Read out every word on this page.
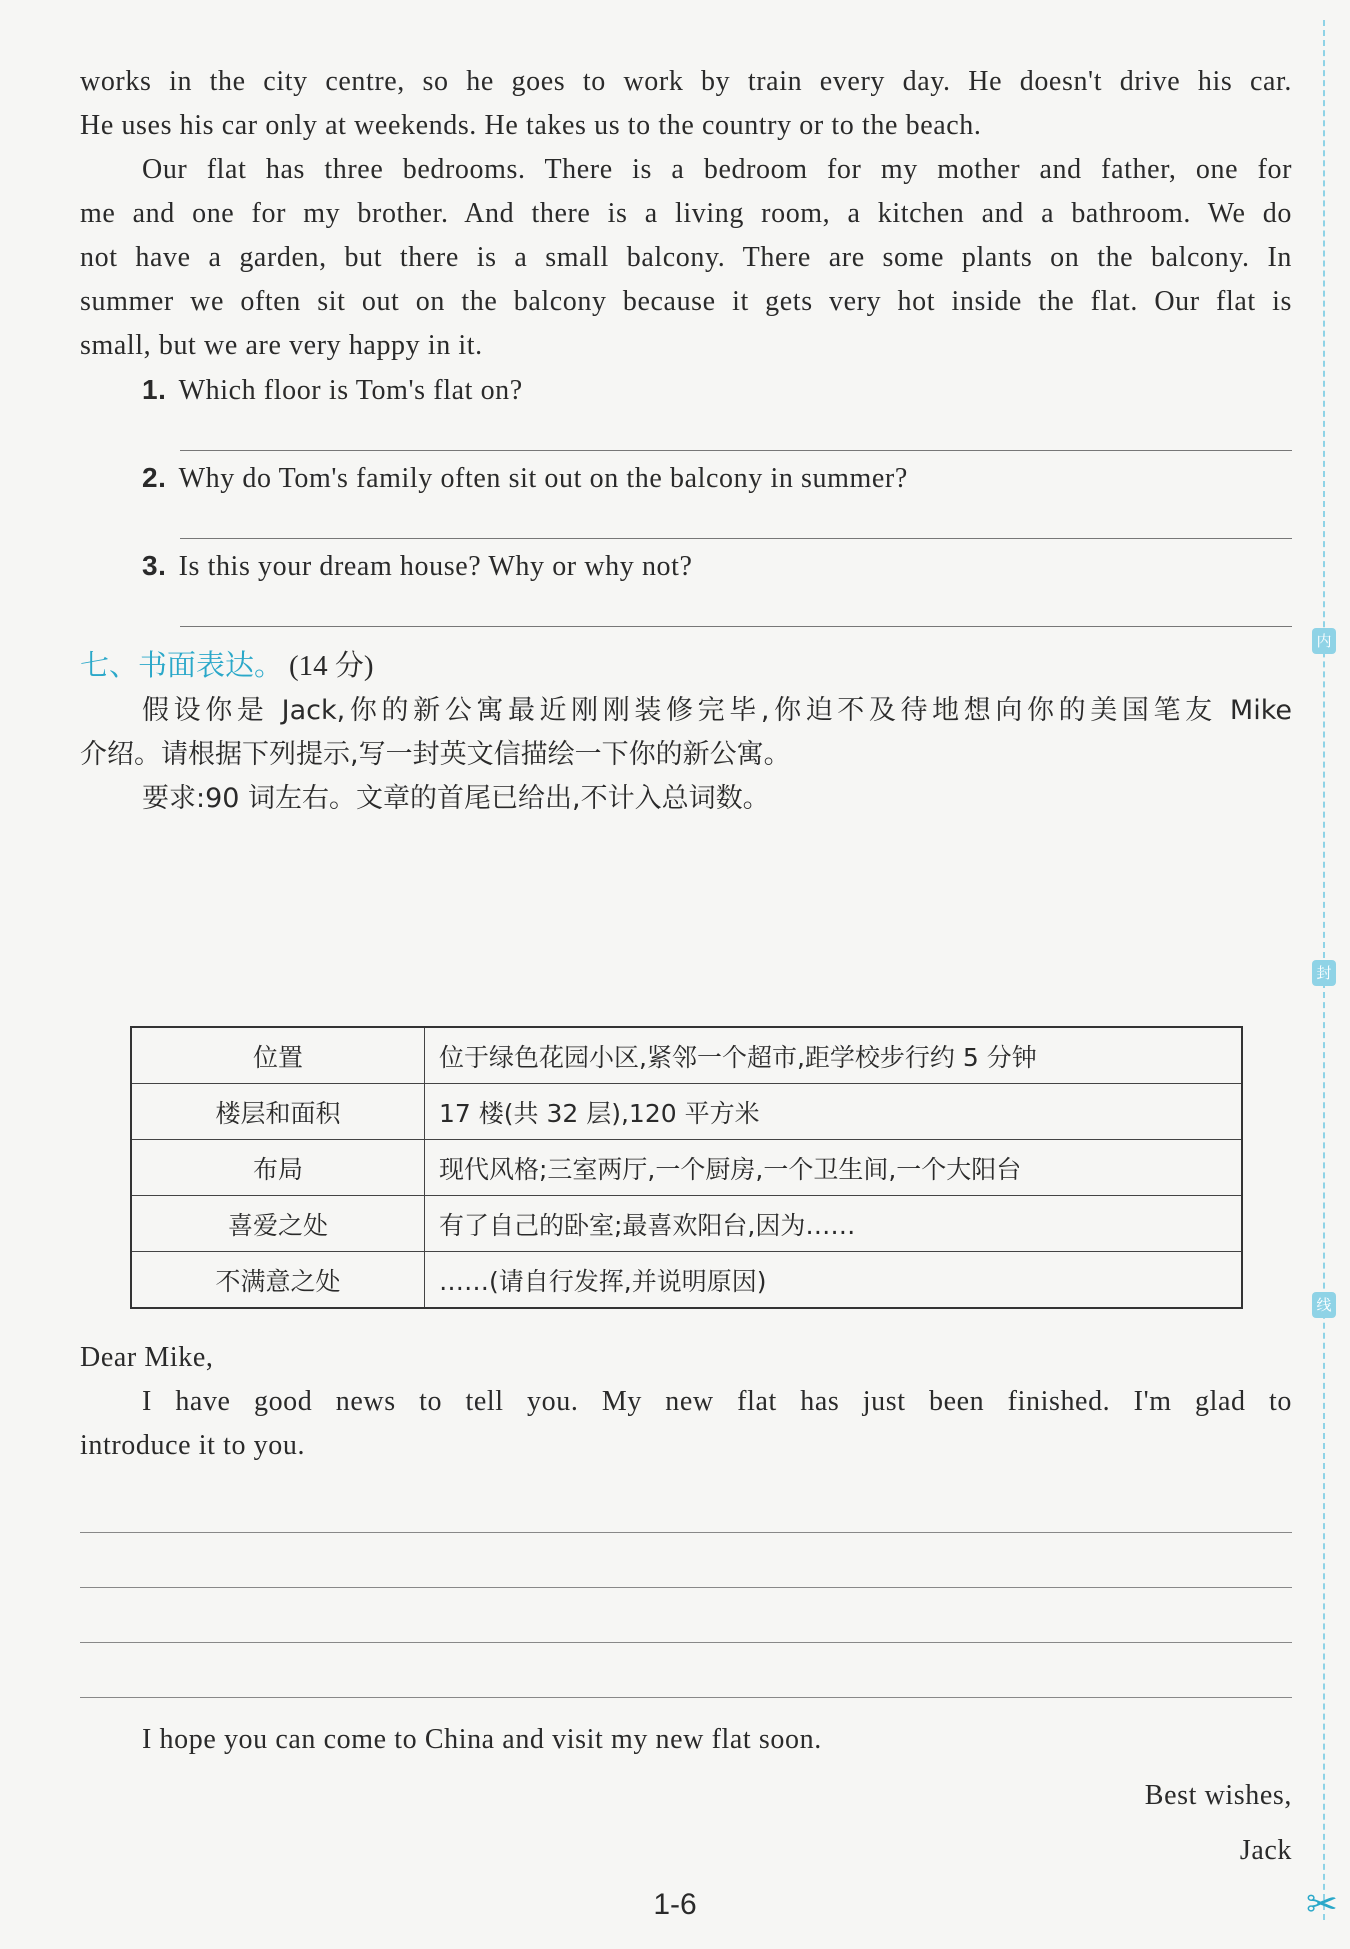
works in the city centre, so he goes to work by train every day. He doesn't drive his car.
He uses his car only at weekends. He takes us to the country or to the beach.
Our flat has three bedrooms. There is a bedroom for my mother and father, one for
me and one for my brother. And there is a living room, a kitchen and a bathroom. We do
not have a garden, but there is a small balcony. There are some plants on the balcony. In
summer we often sit out on the balcony because it gets very hot inside the flat. Our flat is
small, but we are very happy in it.
1. Which floor is Tom's flat on?
2. Why do Tom's family often sit out on the balcony in summer?
3. Is this your dream house? Why or why not?
七、书面表达。 (14 分)
假设你是 Jack,你的新公寓最近刚刚装修完毕,你迫不及待地想向你的美国笔友 Mike
介绍。请根据下列提示,写一封英文信描绘一下你的新公寓。
要求:90 词左右。文章的首尾已给出,不计入总词数。
位置	位于绿色花园小区,紧邻一个超市,距学校步行约 5 分钟
楼层和面积	17 楼(共 32 层),120 平方米
布局	现代风格;三室两厅,一个厨房,一个卫生间,一个大阳台
喜爱之处	有了自己的卧室;最喜欢阳台,因为……
不满意之处	……(请自行发挥,并说明原因)
Dear Mike,
I have good news to tell you. My new flat has just been finished. I'm glad to
introduce it to you.
I hope you can come to China and visit my new flat soon.
Best wishes,
Jack
1-6
内
封
线
✂
